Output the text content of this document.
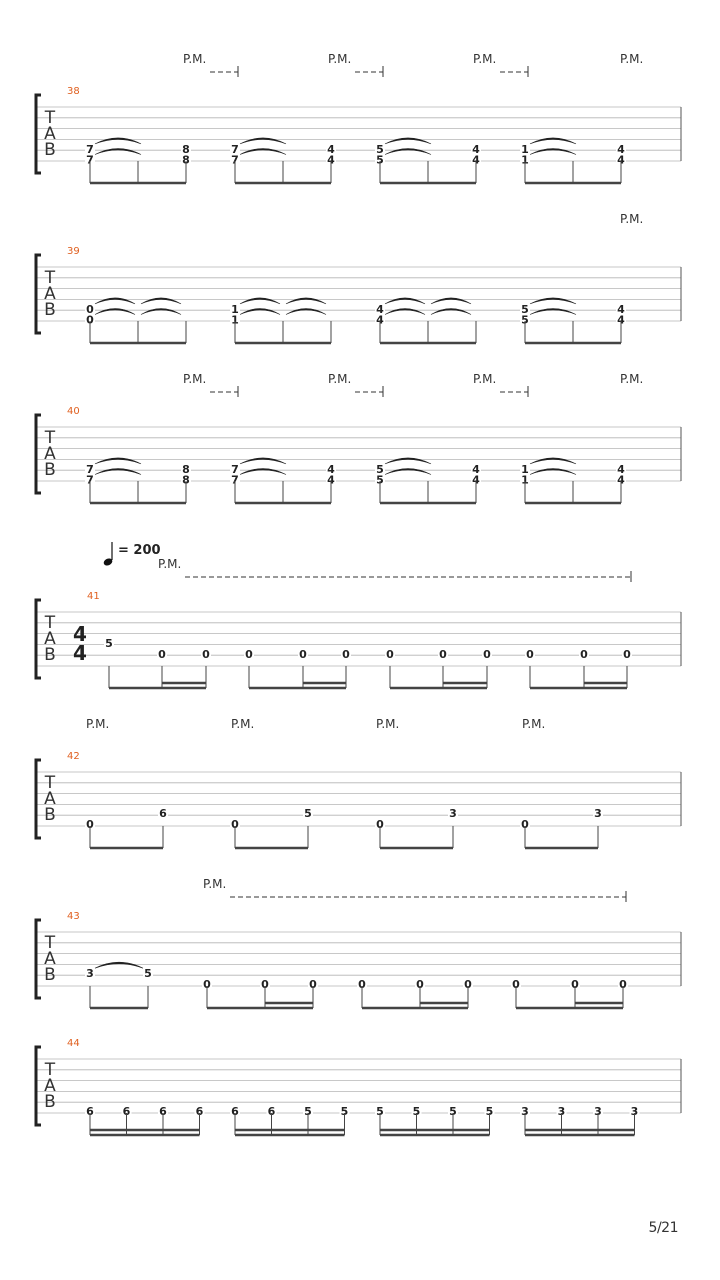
T
A
B
38
P.M.	P.M.	P.M.	P.M.
7
7
8
8
7
7
4
4
5
5
4
4
1
1
4
4
T
A
B
39
P.M.
0
0
1
1
4
4
5
5
4
4
T
A
B
40
P.M.	P.M.	P.M.	P.M.
7
7
8
8
7
7
4
4
5
5
4
4
1
1
4
4
T
A
B
41
= 200
P.M.
4
4 5
0	0	0	0	0	0	0	0	0	0	0
T
A
B
42
P.M.	P.M.	P.M.	P.M.
0
6
0
5
0
3
0
3
T
A
B
43
P.M.
3	5
0	0	0	0	0	0	0	0	0
T
A
B
44
6	6	6	6	6	6	5	5	5	5	5	5	3	3	3	3
5/21
